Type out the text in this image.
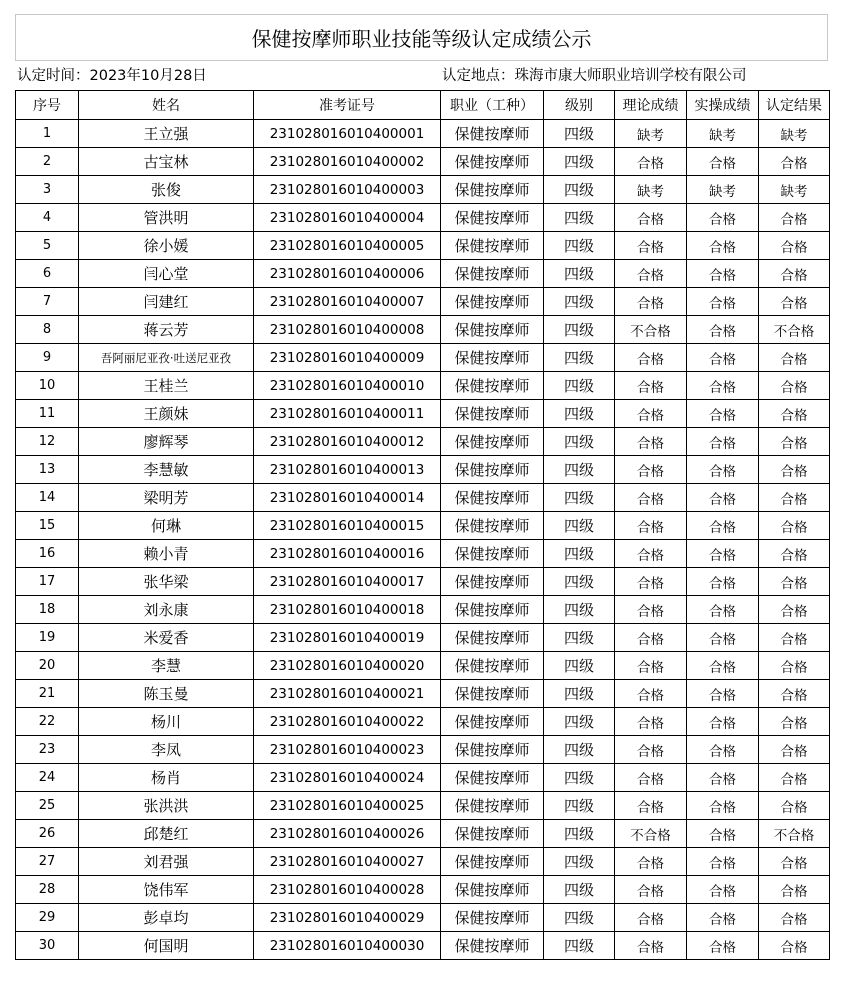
保健按摩师职业技能等级认定成绩公示
认定时间：2023年10月28日	认定地点：珠海市康大师职业培训学校有限公司
序号	姓名	准考证号	职业（工种）	级别	理论成绩	实操成绩	认定结果
1	王立强	231028016010400001	保健按摩师	四级	缺考	缺考	缺考
2	古宝林	231028016010400002	保健按摩师	四级	合格	合格	合格
3	张俊	231028016010400003	保健按摩师	四级	缺考	缺考	缺考
4	管洪明	231028016010400004	保健按摩师	四级	合格	合格	合格
5	徐小媛	231028016010400005	保健按摩师	四级	合格	合格	合格
6	闫心堂	231028016010400006	保健按摩师	四级	合格	合格	合格
7	闫建红	231028016010400007	保健按摩师	四级	合格	合格	合格
8	蒋云芳	231028016010400008	保健按摩师	四级	不合格	合格	不合格
9	吾阿丽尼亚孜·吐送尼亚孜	231028016010400009	保健按摩师	四级	合格	合格	合格
10	王桂兰	231028016010400010	保健按摩师	四级	合格	合格	合格
11	王颜妹	231028016010400011	保健按摩师	四级	合格	合格	合格
12	廖辉琴	231028016010400012	保健按摩师	四级	合格	合格	合格
13	李慧敏	231028016010400013	保健按摩师	四级	合格	合格	合格
14	梁明芳	231028016010400014	保健按摩师	四级	合格	合格	合格
15	何琳	231028016010400015	保健按摩师	四级	合格	合格	合格
16	赖小青	231028016010400016	保健按摩师	四级	合格	合格	合格
17	张华梁	231028016010400017	保健按摩师	四级	合格	合格	合格
18	刘永康	231028016010400018	保健按摩师	四级	合格	合格	合格
19	米爱香	231028016010400019	保健按摩师	四级	合格	合格	合格
20	李慧	231028016010400020	保健按摩师	四级	合格	合格	合格
21	陈玉曼	231028016010400021	保健按摩师	四级	合格	合格	合格
22	杨川	231028016010400022	保健按摩师	四级	合格	合格	合格
23	李凤	231028016010400023	保健按摩师	四级	合格	合格	合格
24	杨肖	231028016010400024	保健按摩师	四级	合格	合格	合格
25	张洪洪	231028016010400025	保健按摩师	四级	合格	合格	合格
26	邱楚红	231028016010400026	保健按摩师	四级	不合格	合格	不合格
27	刘君强	231028016010400027	保健按摩师	四级	合格	合格	合格
28	饶伟军	231028016010400028	保健按摩师	四级	合格	合格	合格
29	彭卓均	231028016010400029	保健按摩师	四级	合格	合格	合格
30	何国明	231028016010400030	保健按摩师	四级	合格	合格	合格
